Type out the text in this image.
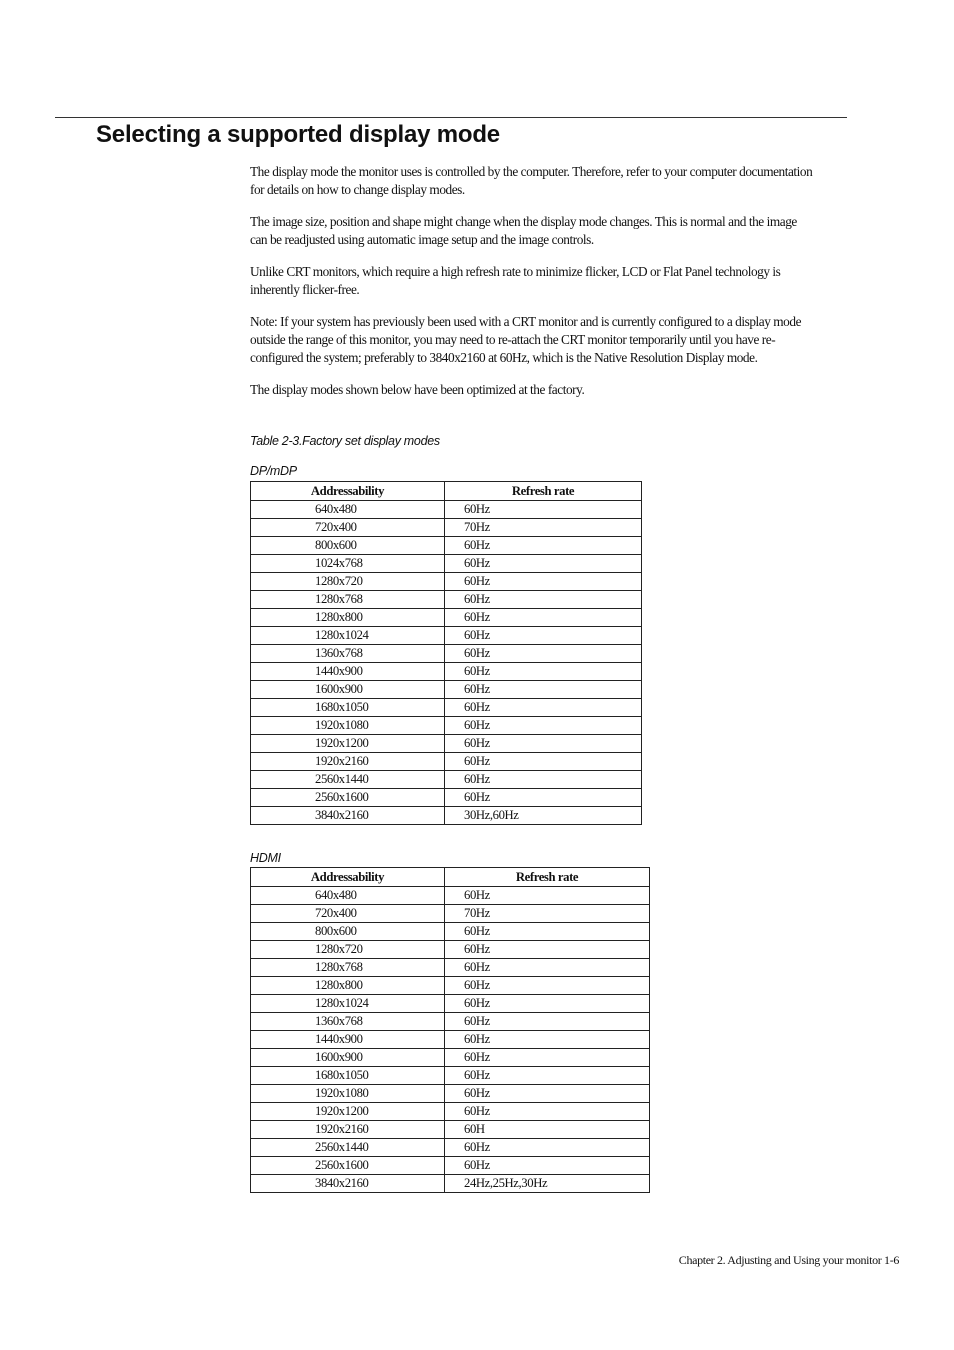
Selecting a supported display mode

The display mode the monitor uses is controlled by the computer. Therefore, refer to your computer documentation for details on how to change display modes.

The image size, position and shape might change when the display mode changes. This is normal and the image can be readjusted using automatic image setup and the image controls.

Unlike CRT monitors, which require a high refresh rate to minimize flicker, LCD or Flat Panel technology is inherently flicker-free.

Note: If your system has previously been used with a CRT monitor and is currently configured to a display mode outside the range of this monitor, you may need to re-attach the CRT monitor temporarily until you have re-configured the system; preferably to 3840x2160 at 60Hz, which is the Native Resolution Display mode.

The display modes shown below have been optimized at the factory.

Table 2-3.Factory set display modes
DP/mDP
Addressability	Refresh rate
640x480	60Hz
720x400	70Hz
800x600	60Hz
1024x768	60Hz
1280x720	60Hz
1280x768	60Hz
1280x800	60Hz
1280x1024	60Hz
1360x768	60Hz
1440x900	60Hz
1600x900	60Hz
1680x1050	60Hz
1920x1080	60Hz
1920x1200	60Hz
1920x2160	60Hz
2560x1440	60Hz
2560x1600	60Hz
3840x2160	30Hz,60Hz
HDMI
Addressability	Refresh rate
640x480	60Hz
720x400	70Hz
800x600	60Hz
1280x720	60Hz
1280x768	60Hz
1280x800	60Hz
1280x1024	60Hz
1360x768	60Hz
1440x900	60Hz
1600x900	60Hz
1680x1050	60Hz
1920x1080	60Hz
1920x1200	60Hz
1920x2160	60H
2560x1440	60Hz
2560x1600	60Hz
3840x2160	24Hz,25Hz,30Hz
Chapter 2. Adjusting and Using your monitor 1-6
